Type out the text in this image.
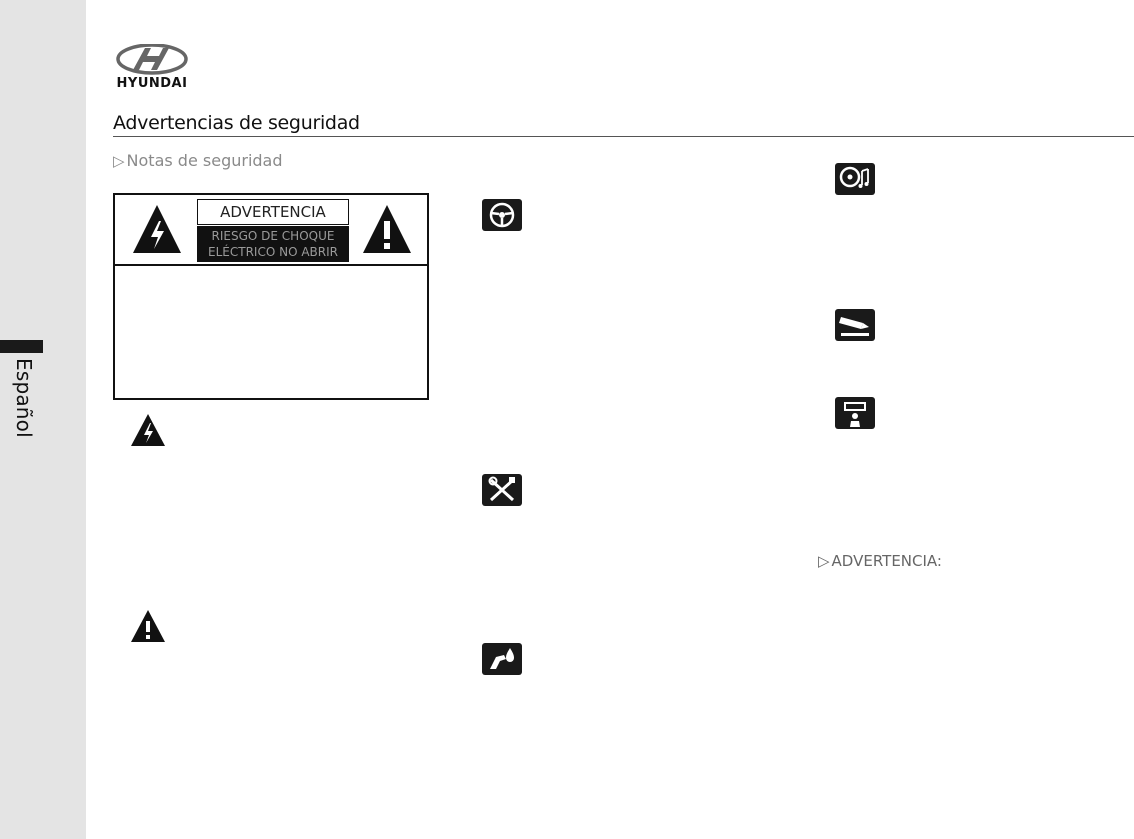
Español
HYUNDAI
Advertencias de seguridad
▷ Notas de seguridad
ADVERTENCIA
RIESGO DE CHOQUE
ELÉCTRICO NO ABRIR
▷ ADVERTENCIA:
